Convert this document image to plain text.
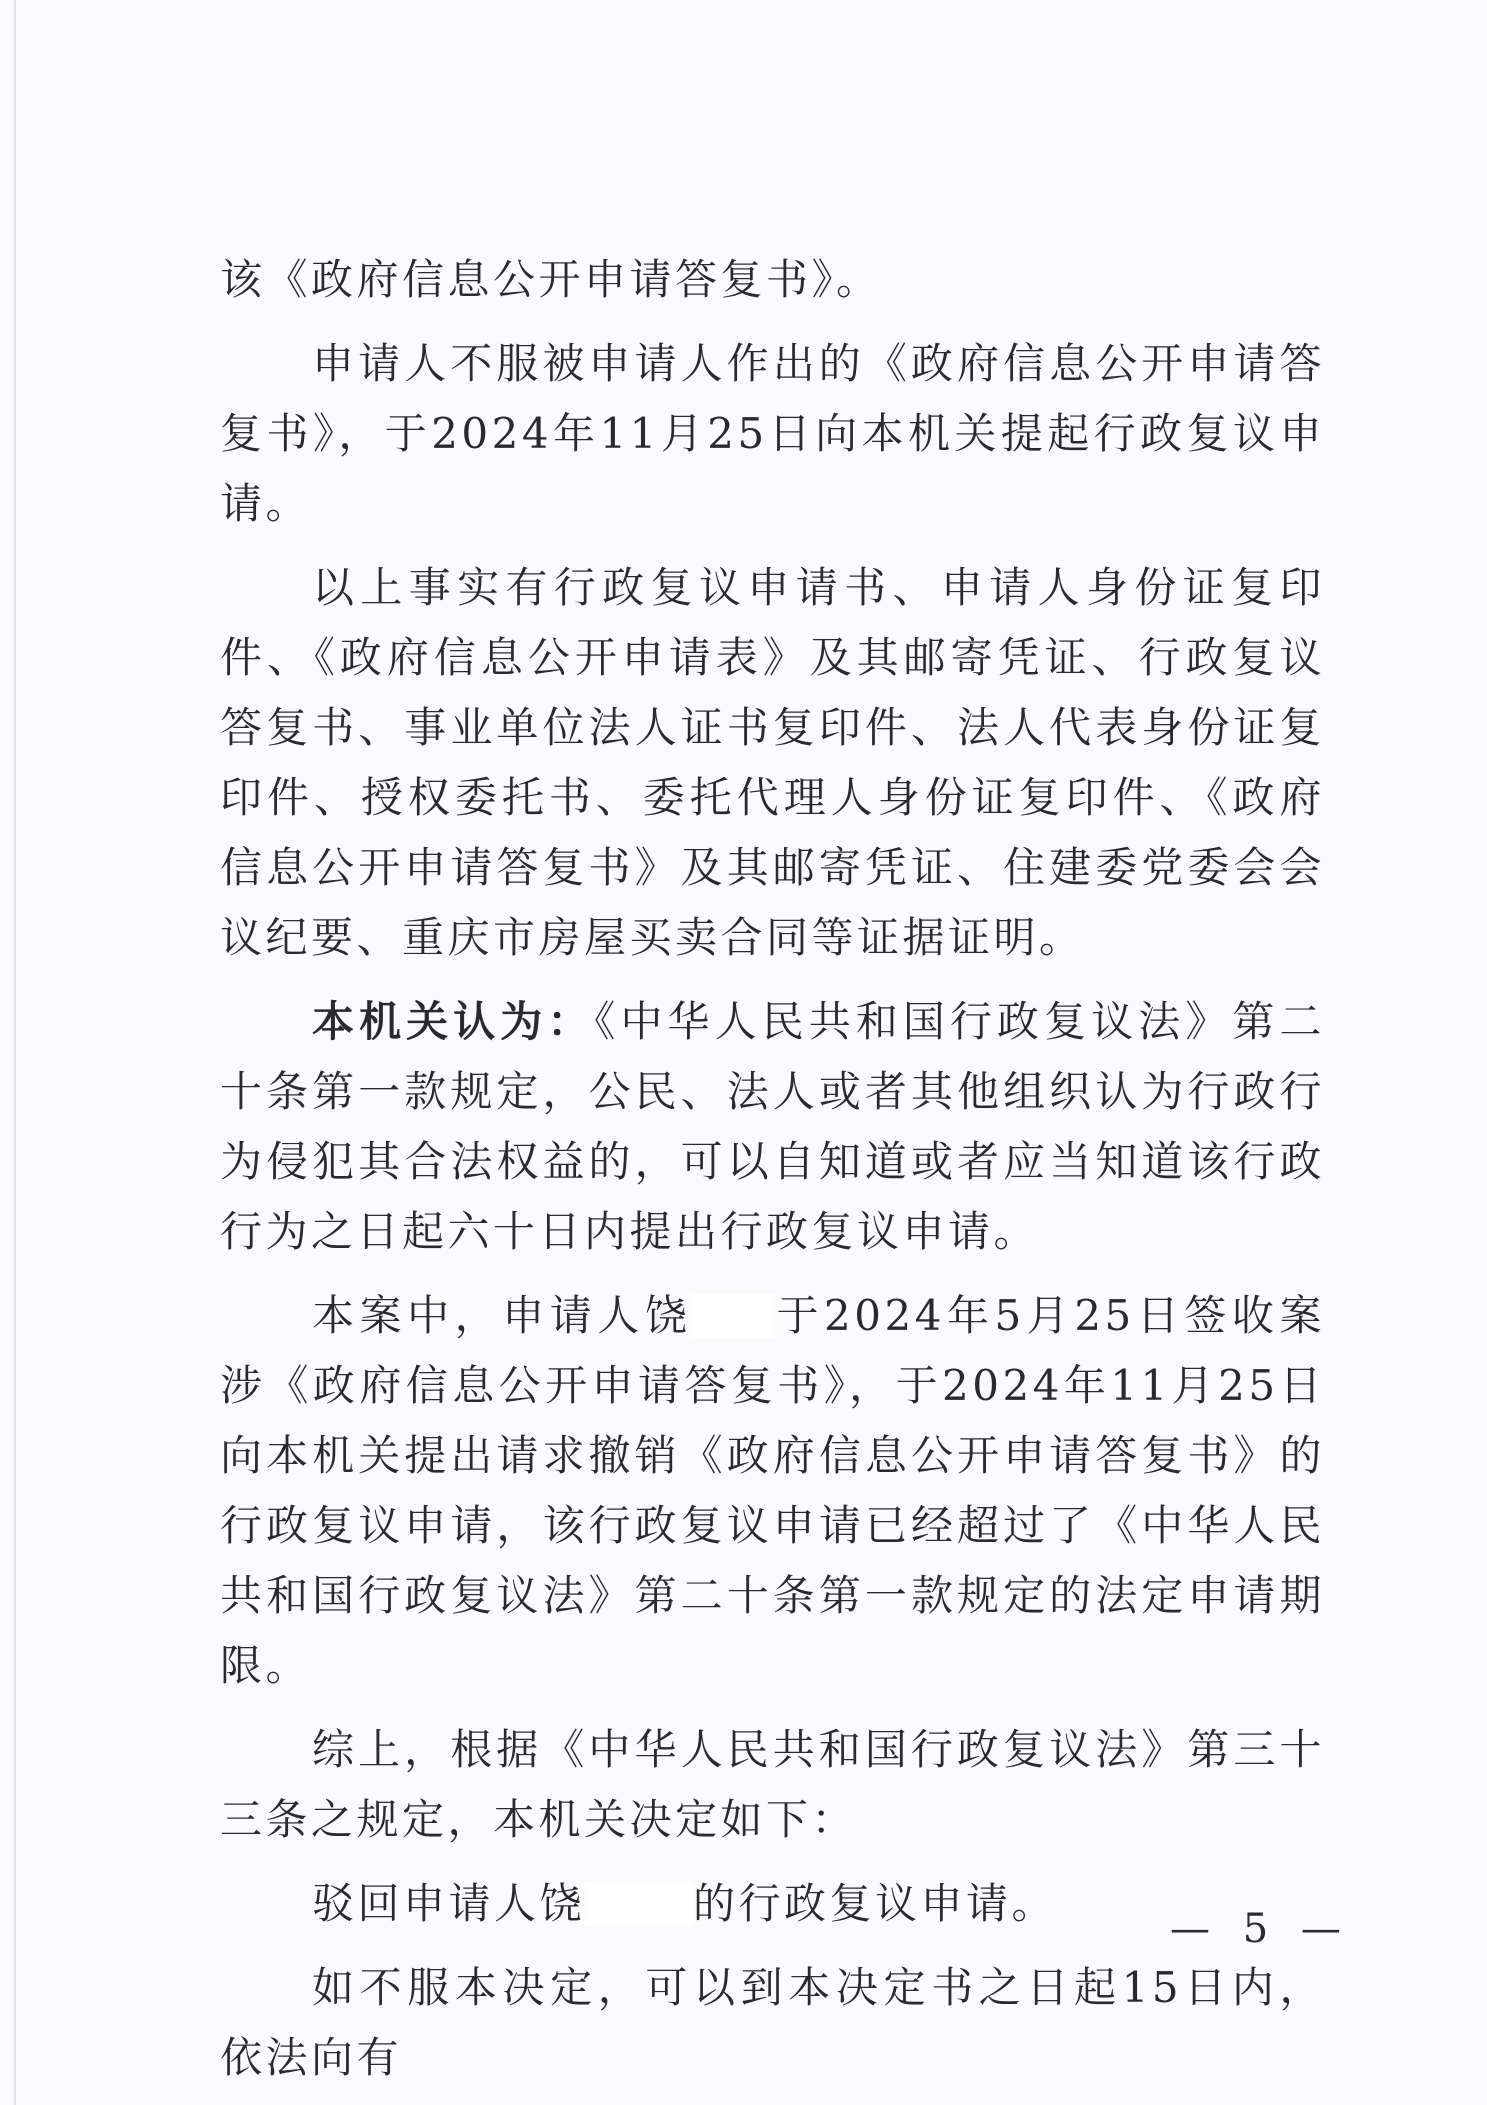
该《政府信息公开申请答复书》。

申请人不服被申请人作出的《政府信息公开申请答复书》，于2024年11月25日向本机关提起行政复议申请。

以上事实有行政复议申请书、申请人身份证复印件、《政府信息公开申请表》及其邮寄凭证、行政复议答复书、事业单位法人证书复印件、法人代表身份证复印件、授权委托书、委托代理人身份证复印件、《政府信息公开申请答复书》及其邮寄凭证、住建委党委会会议纪要、重庆市房屋买卖合同等证据证明。

本机关认为：《中华人民共和国行政复议法》第二十条第一款规定，公民、法人或者其他组织认为行政行为侵犯其合法权益的，可以自知道或者应当知道该行政行为之日起六十日内提出行政复议申请。

本案中，申请人饶 于2024年5月25日签收案涉《政府信息公开申请答复书》，于2024年11月25日向本机关提出请求撤销《政府信息公开申请答复书》的行政复议申请，该行政复议申请已经超过了《中华人民共和国行政复议法》第二十条第一款规定的法定申请期限。

综上，根据《中华人民共和国行政复议法》第三十三条之规定，本机关决定如下：

驳回申请人饶	的行政复议申请。

如不服本决定，可以到本决定书之日起15日内，依法向有

— 5 —
